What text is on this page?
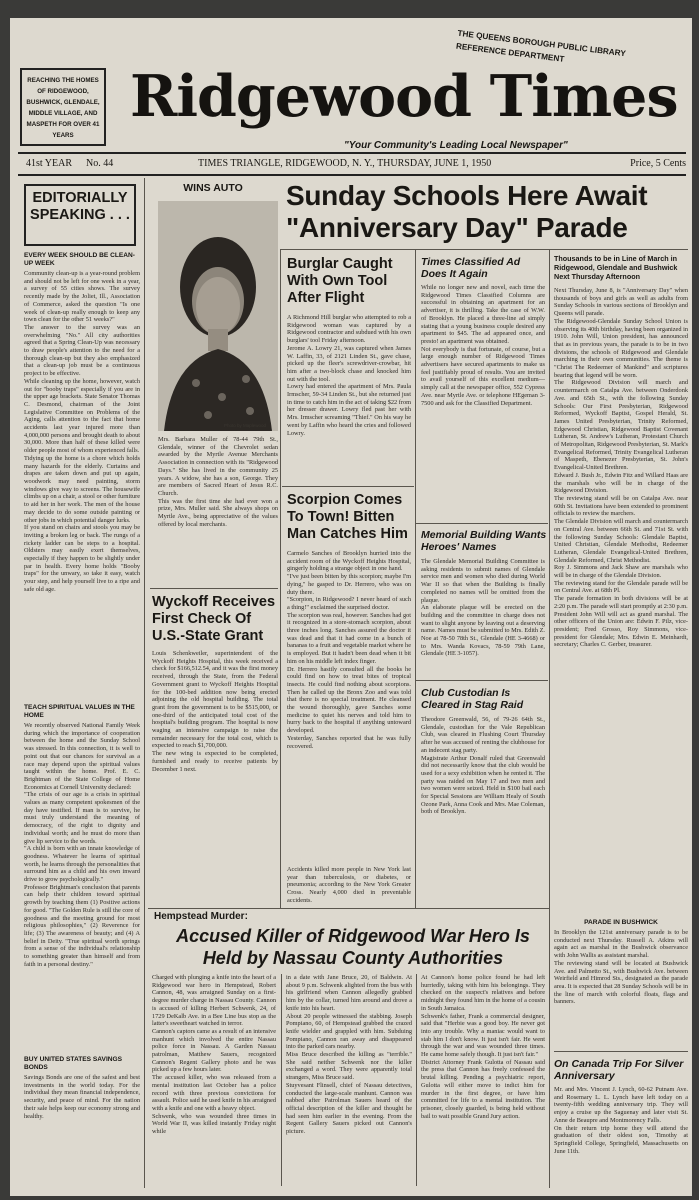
REACHING THE HOMES OF RIDGEWOOD, BUSHWICK, GLENDALE, MIDDLE VILLAGE, AND MASPETH FOR OVER 41 YEARS
Ridgewood Times
THE QUEENS BOROUGH PUBLIC LIBRARY REFERENCE DEPARTMENT
"Your Community's Leading Local Newspaper"
41st YEAR No. 44	TIMES TRIANGLE, RIDGEWOOD, N. Y., THURSDAY, JUNE 1, 1950	Price, 5 Cents
EDITORIALLY SPEAKING . . .
EVERY WEEK SHOULD BE CLEAN-UP WEEK
Community clean-up is a year-round problem and should not be left for one week in a year, a survey of 55 cities shows. The survey recently made by the Joliet, Ill., Association of Commerce, asked the question "Is one week of clean-up really enough to keep any town clean for the other 51 weeks?"
The answer to the survey was an overwhelming "No." All city authorities agreed that a Spring Clean-Up was necessary to draw people's attention to the need for a thorough clean-up but they also emphasized that a clean-up job must be a continuous project to be effective.
While cleaning up the home, however, watch out for "booby traps" especially if you are in the upper age brackets. State Senator Thomas C. Desmond, chairman of the Joint Legislative Committee on Problems of the Aging, calls attention to the fact that home accidents last year injured more than 4,000,000 persons and brought death to about 30,000. More than half of these killed were older people most of whom experienced falls.
Tidying up the home is a chore which holds many hazards for the elderly. Curtains and drapes are taken down and put up again, woodwork may need painting, storm windows give way to screens. The housewife climbs up on a chair, a stool or other furniture to aid her in her work. The men of the house may decide to do some outside painting or other jobs in which potential danger lurks.
If you stand on chairs and stools you may be inviting a broken leg or back. The rungs of a rickety ladder can be steps to a hospital. Oldsters may easily exert themselves, especially if they happen to be slightly under par in health. Every home holds "Booby traps" for the unwary, so take it easy, watch your step, and help yourself live to a ripe and safe old age.
TEACH SPIRITUAL VALUES IN THE HOME
We recently observed National Family Week during which the importance of cooperation between the home and the Sunday School was stressed. In this connection, it is well to point out that our chances for survival as a race may depend upon the spiritual values taught within the home. Prof. E. C. Brightman of the State College of Home Economics at Cornell University declared:
"The crisis of our age is a crisis in spiritual values as many competent spokesmen of the day have testified. If man is to survive, he must truly understand the meaning of democracy, of the right to dignity and individual worth; and he must do more than give lip service to the words.
"A child is born with an innate knowledge of goodness. Whatever he learns of spiritual worth, he learns through the personalities that surround him as a child and his own inward drive to grow psychologically."
Professor Brightman's conclusion that parents can help their children toward spiritual growth by teaching them (1) Positive actions for good. "The Golden Rule is still the core of goodness and the meeting ground for most religious philosophies," (2) Reverence for life; (3) The awareness of beauty; and (4) A belief in Deity. "True spiritual worth springs from a sense of the individual's relationship to something greater than himself and from faith in a personal destiny."
BUY UNITED STATES SAVINGS BONDS
Savings Bonds are one of the safest and best investments in the world today. For the individual they mean financial independence, security, and peace of mind. For the nation their sale helps keep our economy strong and healthy.
WINS AUTO
Photo by Maplewood
Mrs. Barbara Muller of 78-44 79th St., Glendale, winner of the Chevrolet sedan awarded by the Myrtle Avenue Merchants Association in connection with its "Ridgewood Days." She has lived in the community 25 years. A widow, she has a son, George. They are members of Sacred Heart of Jesus R.C. Church.
This was the first time she had ever won a prize, Mrs. Muller said. She always shops on Myrtle Ave., being appreciative of the values offered by local merchants.
Wyckoff Receives First Check Of U.S.-State Grant
Louis Schenkweiler, superintendent of the Wyckoff Heights Hospital, this week received a check for $166,512.54, and it was the first money received, through the State, from the Federal Government grant to Wyckoff Heights Hospital for the 100-bed addition now being erected adjoining the old hospital building. The total grant from the government is to be $515,000, or one-third of the anticipated total cost of the hospital's building program. The hospital is now waging an intensive campaign to raise the remainder necessary for the total cost, which is expected to reach $1,700,000.
The new wing is expected to be completed, furnished and ready to receive patients by December 1 next.
Sunday Schools Here Await "Anniversary Day" Parade
Burglar Caught With Own Tool After Flight
A Richmond Hill burglar who attempted to rob a Ridgewood woman was captured by a Ridgewood contractor and subdued with his own burglars' tool Friday afternoon.
Jerome A. Lowry 21, was captured when James W. Laffin, 33, of 2121 Linden St., gave chase, picked up the fleer's screwdriver-crowbar, hit him after a two-block chase and knocked him out with the tool.
Lowry had entered the apartment of Mrs. Paula Irmscher, 59-34 Linden St., but she returned just in time to catch him in the act of taking $22 from her dresser drawer. Lowry fled past her with Mrs. Irmscher screaming "Thief." On his way he went by Laffin who heard the cries and followed Lowry.
Scorpion Comes To Town! Bitten Man Catches Him
Carmelo Sanches of Brooklyn hurried into the accident room of the Wyckoff Heights Hospital, gingerly holding a strange object in one hand.
"I've just been bitten by this scorpion; maybe I'm dying," he gasped to Dr. Herrero, who was on duty there.
"Scorpion, in Ridgewood? I never heard of such a thing!" exclaimed the surprised doctor.
The scorpion was real, however. Sanches had got it recognized in a store-stomach scorpion, about three inches long. Sanches assured the doctor it was dead and that it had come in a bunch of bananas to a fruit and vegetable market where he is employed. But it hadn't been dead when it bit him on his middle left index finger.
Dr. Herrero hastily consulted all the books he could find on how to treat bites of tropical insects. He could find nothing about scorpions. Then he called up the Bronx Zoo and was told that there is no special treatment. He cleansed the wound thoroughly, gave Sanches some medicine to quiet his nerves and told him to hurry back to the hospital if anything untoward developed.
Yesterday, Sanches reported that he was fully recovered.
Accidents killed more people in New York last year than tuberculosis, or diabetes, or pneumonia; according to the New York Greater Cross. Nearly 4,000 died in preventable accidents.
Times Classified Ad Does It Again
While no longer new and novel, each time the Ridgewood Times Classified Columns are successful in obtaining an apartment for an advertiser, it is thrilling. Take the case of W.W. of Brooklyn. He placed a three-line ad simply stating that a young business couple desired any apartment to $45. The ad appeared once, and presto! an apartment was obtained.
Not everybody is that fortunate, of course, but a large enough number of Ridgewood Times advertisers have secured apartments to make us feel justifiably proud of results. You are invited to avail yourself of this excellent medium—simply call at the newspaper office, 552 Cypress Ave. near Myrtle Ave. or telephone HEgeman 3-7500 and ask for the Classified Department.
Memorial Building Wants Heroes' Names
The Glendale Memorial Building Committee is asking residents to submit names of Glendale service men and women who died during World War II so that when the Building is finally completed no names will be omitted from the plaque.
An elaborate plaque will be erected on the building and the committee in charge does not want to slight anyone by leaving out a deserving name. Names must be submitted to Mrs. Edith Z. Noe at 78-50 78th St., Glendale (HE 3-4668) or to Mrs. Wanda Kovacs, 78-59 79th Lane, Glendale (HE 3-1057).
Club Custodian Is Cleared in Stag Raid
Theodore Greenwald, 56, of 79-26 64th St., Glendale, custodian for the Vale Republican Club, was cleared in Flushing Court Thursday after he was accused of renting the clubhouse for an indecent stag party.
Magistrate Arthur Donalf ruled that Greenwald did not necessarily know that the club would be used for a sexy exhibition when he rented it. The party was raided on May 17 and two men and two women were seized. Held in $100 bail each for Special Sessions are William Healy of South Ozone Park, Anna Cook and Mrs. Mae Coleman, both of Brooklyn.
Thousands to be in Line of March in Ridgewood, Glendale and Bushwick Next Thursday Afternoon
Next Thursday, June 8, is "Anniversary Day" when thousands of boys and girls as well as adults from Sunday Schools in various sections of Brooklyn and Queens will parade.
The Ridgewood-Glendale Sunday School Union is observing its 40th birthday, having been organized in 1910. John Will, Union president, has announced that as in previous years, the parade is to be in two divisions, the schools of Ridgewood and Glendale marching in their own communities. The theme is "Christ The Redeemer of Mankind" and scriptures bearing that legend will be worn.
The Ridgewood Division will march and countermarch on Catalpa Ave. between Onderdonk Ave. and 65th St., with the following Sunday Schools: Our First Presbyterian, Ridgewood Reformed, Wyckoff Baptist, Gospel Herald, St. James United Presbyterian, Trinity Reformed, Edgewood Christian, Ridgewood Baptist Covenant Lutheran, St. Andrew's Lutheran, Protestant Church of Metropolitan, Ridgewood Presbyterian, St. Mark's Evangelical Reformed, Trinity Evangelical Lutheran of Maspeth, Ebenezer Presbyterian, St. John's Evangelical-United Brethren.
Edward J. Bush Jr., Edwin Fitz and Willard Haas are the marshals who will be in charge of the Ridgewood Division.
The reviewing stand will be on Catalpa Ave. near 60th St. Invitations have been extended to prominent officials to review the marchers.
The Glendale Division will march and countermarch on Central Ave. between 66th St. and 71st St. with the following Sunday Schools: Glendale Baptist, United Christian, Glendale Methodist, Redeemer Lutheran, Glendale Evangelical-United Brethren, Glendale Reformed, Christ Methodist.
Roy J. Simmons and Jack Shaw are marshals who will be in charge of the Glendale Division.
The reviewing stand for the Glendale parade will be on Central Ave. at 68th Pl.
The parade formation in both divisions will be at 2:20 p.m. The parade will start promptly at 2:30 p.m.
President John Will will act as grand marshal. The other officers of the Union are: Edwin F. Pilz, vice-president; Fred Grosso, Roy Simmons, vice-president for Glendale; Mrs. Edwin E. Meinhardt, secretary; Charles C. Gerber, treasurer.
PARADE IN BUSHWICK
In Brooklyn the 121st anniversary parade is to be conducted next Thursday. Russell A. Atkins will again act as marshal in the Bushwick observance with John Wallis as assistant marshal.
The reviewing stand will be located at Bushwick Ave. and Palmetto St., with Bushwick Ave. between Weirfield and Himrod Sts., designated as the parade area. It is expected that 28 Sunday Schools will be in the line of march with colorful floats, flags and banners.
On Canada Trip For Silver Anniversary
Mr. and Mrs. Vincent J. Lynch, 60-62 Putnam Ave. and Rosemary L. L. Lynch have left today on a twenty-fifth wedding anniversary trip. They will enjoy a cruise up the Saguenay and later visit St. Anne de Beaupre and Montmorency Falls.
On their return trip home they will attend the graduation of their oldest son, Timothy at Springfield College, Springfield, Massachusetts on June 11th.
Hempstead Murder:
Accused Killer of Ridgewood War Hero Is Held by Nassau County Authorities
Charged with plunging a knife into the heart of a Ridgewood war hero in Hempstead, Robert Cannon, 48, was arraigned Sunday on a first-degree murder charge in Nassau County. Cannon is accused of killing Herbert Schwenk, 24, of 1729 DeKalb Ave. in a Bee Line bus stop as the latter's sweetheart watched in terror.
Cannon's captors came as a result of an intensive manhunt which involved the entire Nassau police force in Nassau. A Garden Nassau patrolman, Matthew Sauers, recognized Cannon's Regent Gallery photo and he was picked up a few hours later.
The accused killer, who was released from a mental institution last October has a police record with three previous convictions for assault. Police said he used knife in his arraigned with a knife and one with a heavy object.
Schwenk, who was wounded three times in World War II, was killed instantly Friday night while
in a date with Jane Bruce, 20, of Baldwin. At about 9 p.m. Schwenk alighted from the bus with his girlfriend when Cannon allegedly grabbed him by the collar, turned him around and drove a knife into his heart.
About 20 people witnessed the stabbing. Joseph Pompiano, 60, of Hempstead grabbed the crazed knife wielder and grappled with him. Subduing Pompiano, Cannon ran away and disappeared into the parked cars nearby.
Miss Bruce described the killing as "terrible." She said neither Schwenk nor the killer exchanged a word. They were apparently total strangers, Miss Bruce said.
Stuyvesant Flinsell, chief of Nassau detectives, conducted the large-scale manhunt. Cannon was nabbed after Patrolman Sauers heard of the official description of the killer and thought he had seen him earlier in the evening. From the Regent Gallery Sauers picked out Cannon's picture.
At Cannon's home police found he had left hurriedly, taking with him his belongings. They checked on the suspect's relatives and before midnight they found him in the home of a cousin in South Jamaica.
Schwenk's father, Frank a commercial designer, said that "Herbie was a good boy. He never got into any trouble. Why a maniac would want to stab him I don't know. It just isn't fair. He went through the war and was wounded three times. He came home safely though. It just isn't fair."
District Attorney Frank Gulotta of Nassau said the press that Cannon has freely confessed the brutal killing. Pending a psychiatric report, Gulotta will either move to indict him for murder in the first degree, or have him committed for life to a mental institution. The prisoner, closely guarded, is being held without bail to wait possible Grand Jury action.
